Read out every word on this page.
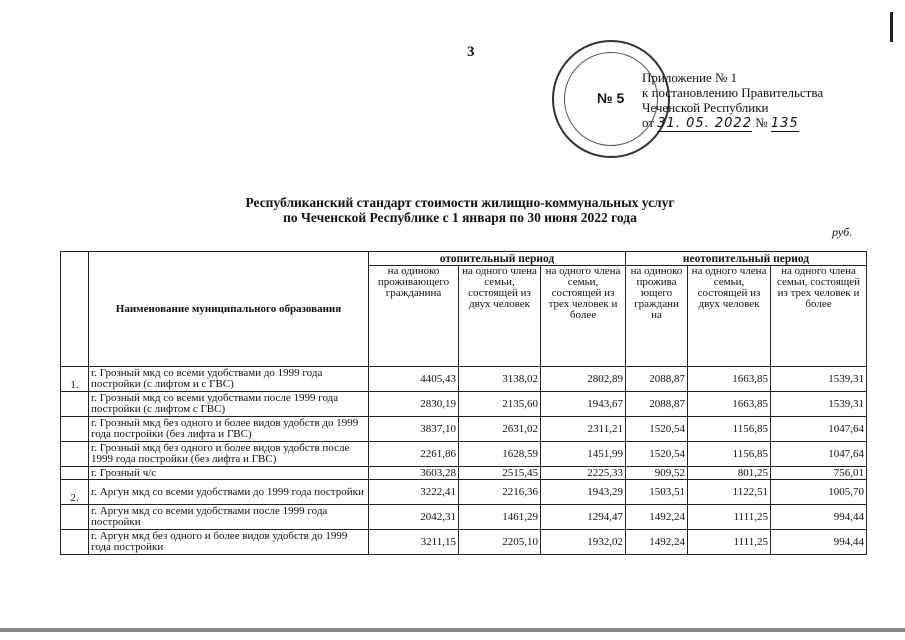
3
№ 5
Приложение № 1
к постановлению Правительства
Чеченской Республики
от 31. 05. 2022 № 135
Республиканский стандарт стоимости жилищно-коммунальных услуг
по Чеченской Республике с 1 января по 30 июня 2022 года
руб.
	Наименование муниципального образования	отопительный период			неотопительный период		
		на одиноко проживающего гражданина	на одного члена семьи, состоящей из двух человек	на одного члена семьи, состоящей из трех человек и более	на одиноко прожива ющего граждани на	на одного члена семьи, состоящей из двух человек	на одного члена семьи, состоящей из трех человек и более
1.	г. Грозный мкд со всеми удобствами до 1999 года постройки (с лифтом и с ГВС)	4405,43	3138,02	2802,89	2088,87	1663,85	1539,31
	г. Грозный мкд со всеми удобствами после 1999 года постройки (с лифтом с ГВС)	2830,19	2135,60	1943,67	2088,87	1663,85	1539,31
	г. Грозный мкд без одного и более видов удобств до 1999 года постройки (без лифта и ГВС)	3837,10	2631,02	2311,21	1520,54	1156,85	1047,64
	г. Грозный мкд без одного и более видов удобств после 1999 года постройки (без лифта и ГВС)	2261,86	1628,59	1451,99	1520,54	1156,85	1047,64
	г. Грозный ч/с	3603,28	2515,45	2225,33	909,52	801,25	756,01
2.	г. Аргун мкд со всеми удобствами до 1999 года постройки	3222,41	2216,36	1943,29	1503,51	1122,51	1005,70
	г. Аргун мкд со всеми удобствами после 1999 года постройки	2042,31	1461,29	1294,47	1492,24	1111,25	994,44
	г. Аргун мкд без одного и более видов удобств до 1999 года постройки	3211,15	2205,10	1932,02	1492,24	1111,25	994,44
